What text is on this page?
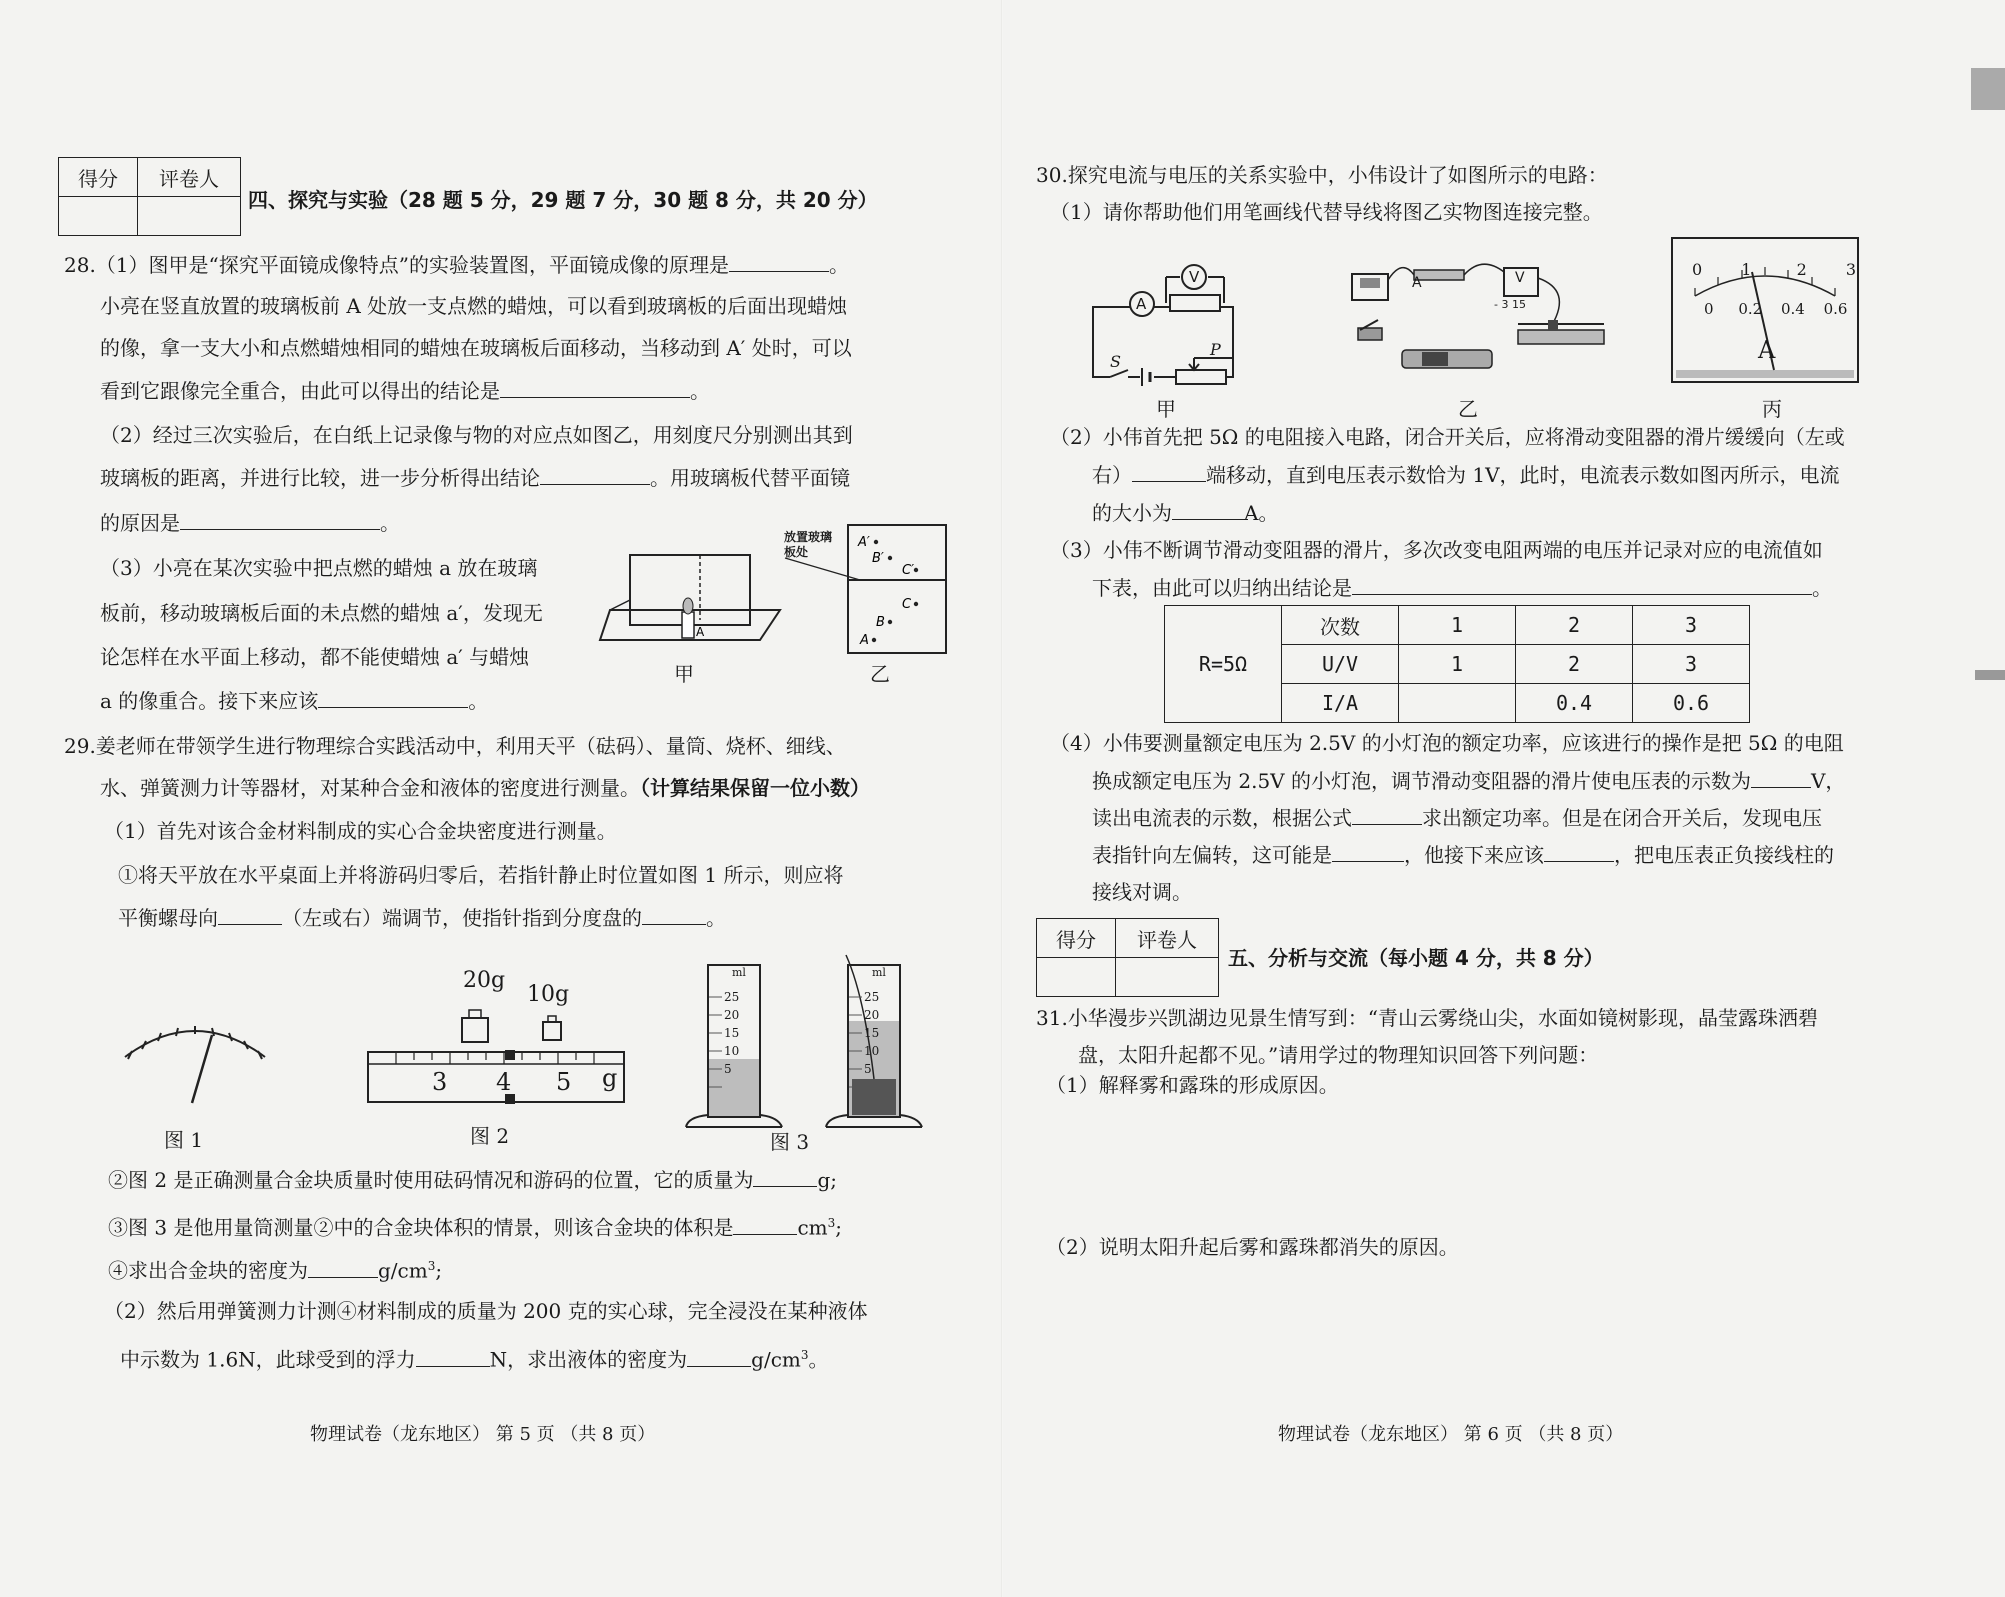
得分	评卷人

四、探究与实验（28 题 5 分，29 题 7 分，30 题 8 分，共 20 分）
28.（1）图甲是“探究平面镜成像特点”的实验装置图，平面镜成像的原理是	。
小亮在竖直放置的玻璃板前 A 处放一支点燃的蜡烛，可以看到玻璃板的后面出现蜡烛
的像，拿一支大小和点燃蜡烛相同的蜡烛在玻璃板后面移动，当移动到 A′ 处时，可以
看到它跟像完全重合，由此可以得出的结论是	。
（2）经过三次实验后，在白纸上记录像与物的对应点如图乙，用刻度尺分别测出其到
玻璃板的距离，并进行比较，进一步分析得出结论	。用玻璃板代替平面镜
的原因是	。
（3）小亮在某次实验中把点燃的蜡烛 a 放在玻璃
板前，移动玻璃板后面的未点燃的蜡烛 a′，发现无
论怎样在水平面上移动，都不能使蜡烛 a′ 与蜡烛
a 的像重合。接下来应该	。
A
甲
A′
B′
C′
C
B
A
放置玻璃板处
乙
29.姜老师在带领学生进行物理综合实践活动中，利用天平（砝码）、量筒、烧杯、细线、
水、弹簧测力计等器材，对某种合金和液体的密度进行测量。（计算结果保留一位小数）
（1）首先对该合金材料制成的实心合金块密度进行测量。
①将天平放在水平桌面上并将游码归零后，若指针静止时位置如图 1 所示，则应将
平衡螺母向	（左或右）端调节，使指针指到分度盘的	。
图 1
20g
10g
3 4 5 g
图 2
ml
25
20
15
10
5
ml
25
20
15
10
5
图 3
②图 2 是正确测量合金块质量时使用砝码情况和游码的位置，它的质量为	g;
③图 3 是他用量筒测量②中的合金块体积的情景，则该合金块的体积是	$cm^3$;
④求出合金块的密度为	$g/cm^3$;
（2）然后用弹簧测力计测④材料制成的质量为 200 克的实心球，完全浸没在某种液体
中示数为 1.6N，此球受到的浮力	N，求出液体的密度为	$g/cm^3$。
物理试卷（龙东地区） 第 5 页 （共 8 页）
30.探究电流与电压的关系实验中，小伟设计了如图所示的电路：
（1）请你帮助他们用笔画线代替导线将图乙实物图连接完整。
A
V
S
P
甲
A	V
- 3 15
乙
0 1	2 3
0 0.2 0.4 0.6
A
丙
（2）小伟首先把 5Ω 的电阻接入电路，闭合开关后，应将滑动变阻器的滑片缓缓向（左或
右）	端移动，直到电压表示数恰为 1V，此时，电流表示数如图丙所示，电流
的大小为	A。
（3）小伟不断调节滑动变阻器的滑片，多次改变电阻两端的电压并记录对应的电流值如
下表，由此可以归纳出结论是	。
R=5Ω	次数	1	2	3
	U/V	1	2	3
	I/A		0.4	0.6
（4）小伟要测量额定电压为 2.5V 的小灯泡的额定功率，应该进行的操作是把 5Ω 的电阻
换成额定电压为 2.5V 的小灯泡，调节滑动变阻器的滑片使电压表的示数为	V，
读出电流表的示数，根据公式	求出额定功率。但是在闭合开关后，发现电压
表指针向左偏转，这可能是	，他接下来应该	，把电压表正负接线柱的
接线对调。
得分	评卷人

五、分析与交流（每小题 4 分，共 8 分）
31.小华漫步兴凯湖边见景生情写到：“青山云雾绕山尖，水面如镜树影现，晶莹露珠洒碧
盘，太阳升起都不见。”请用学过的物理知识回答下列问题：
（1）解释雾和露珠的形成原因。
（2）说明太阳升起后雾和露珠都消失的原因。
物理试卷（龙东地区） 第 6 页 （共 8 页）
